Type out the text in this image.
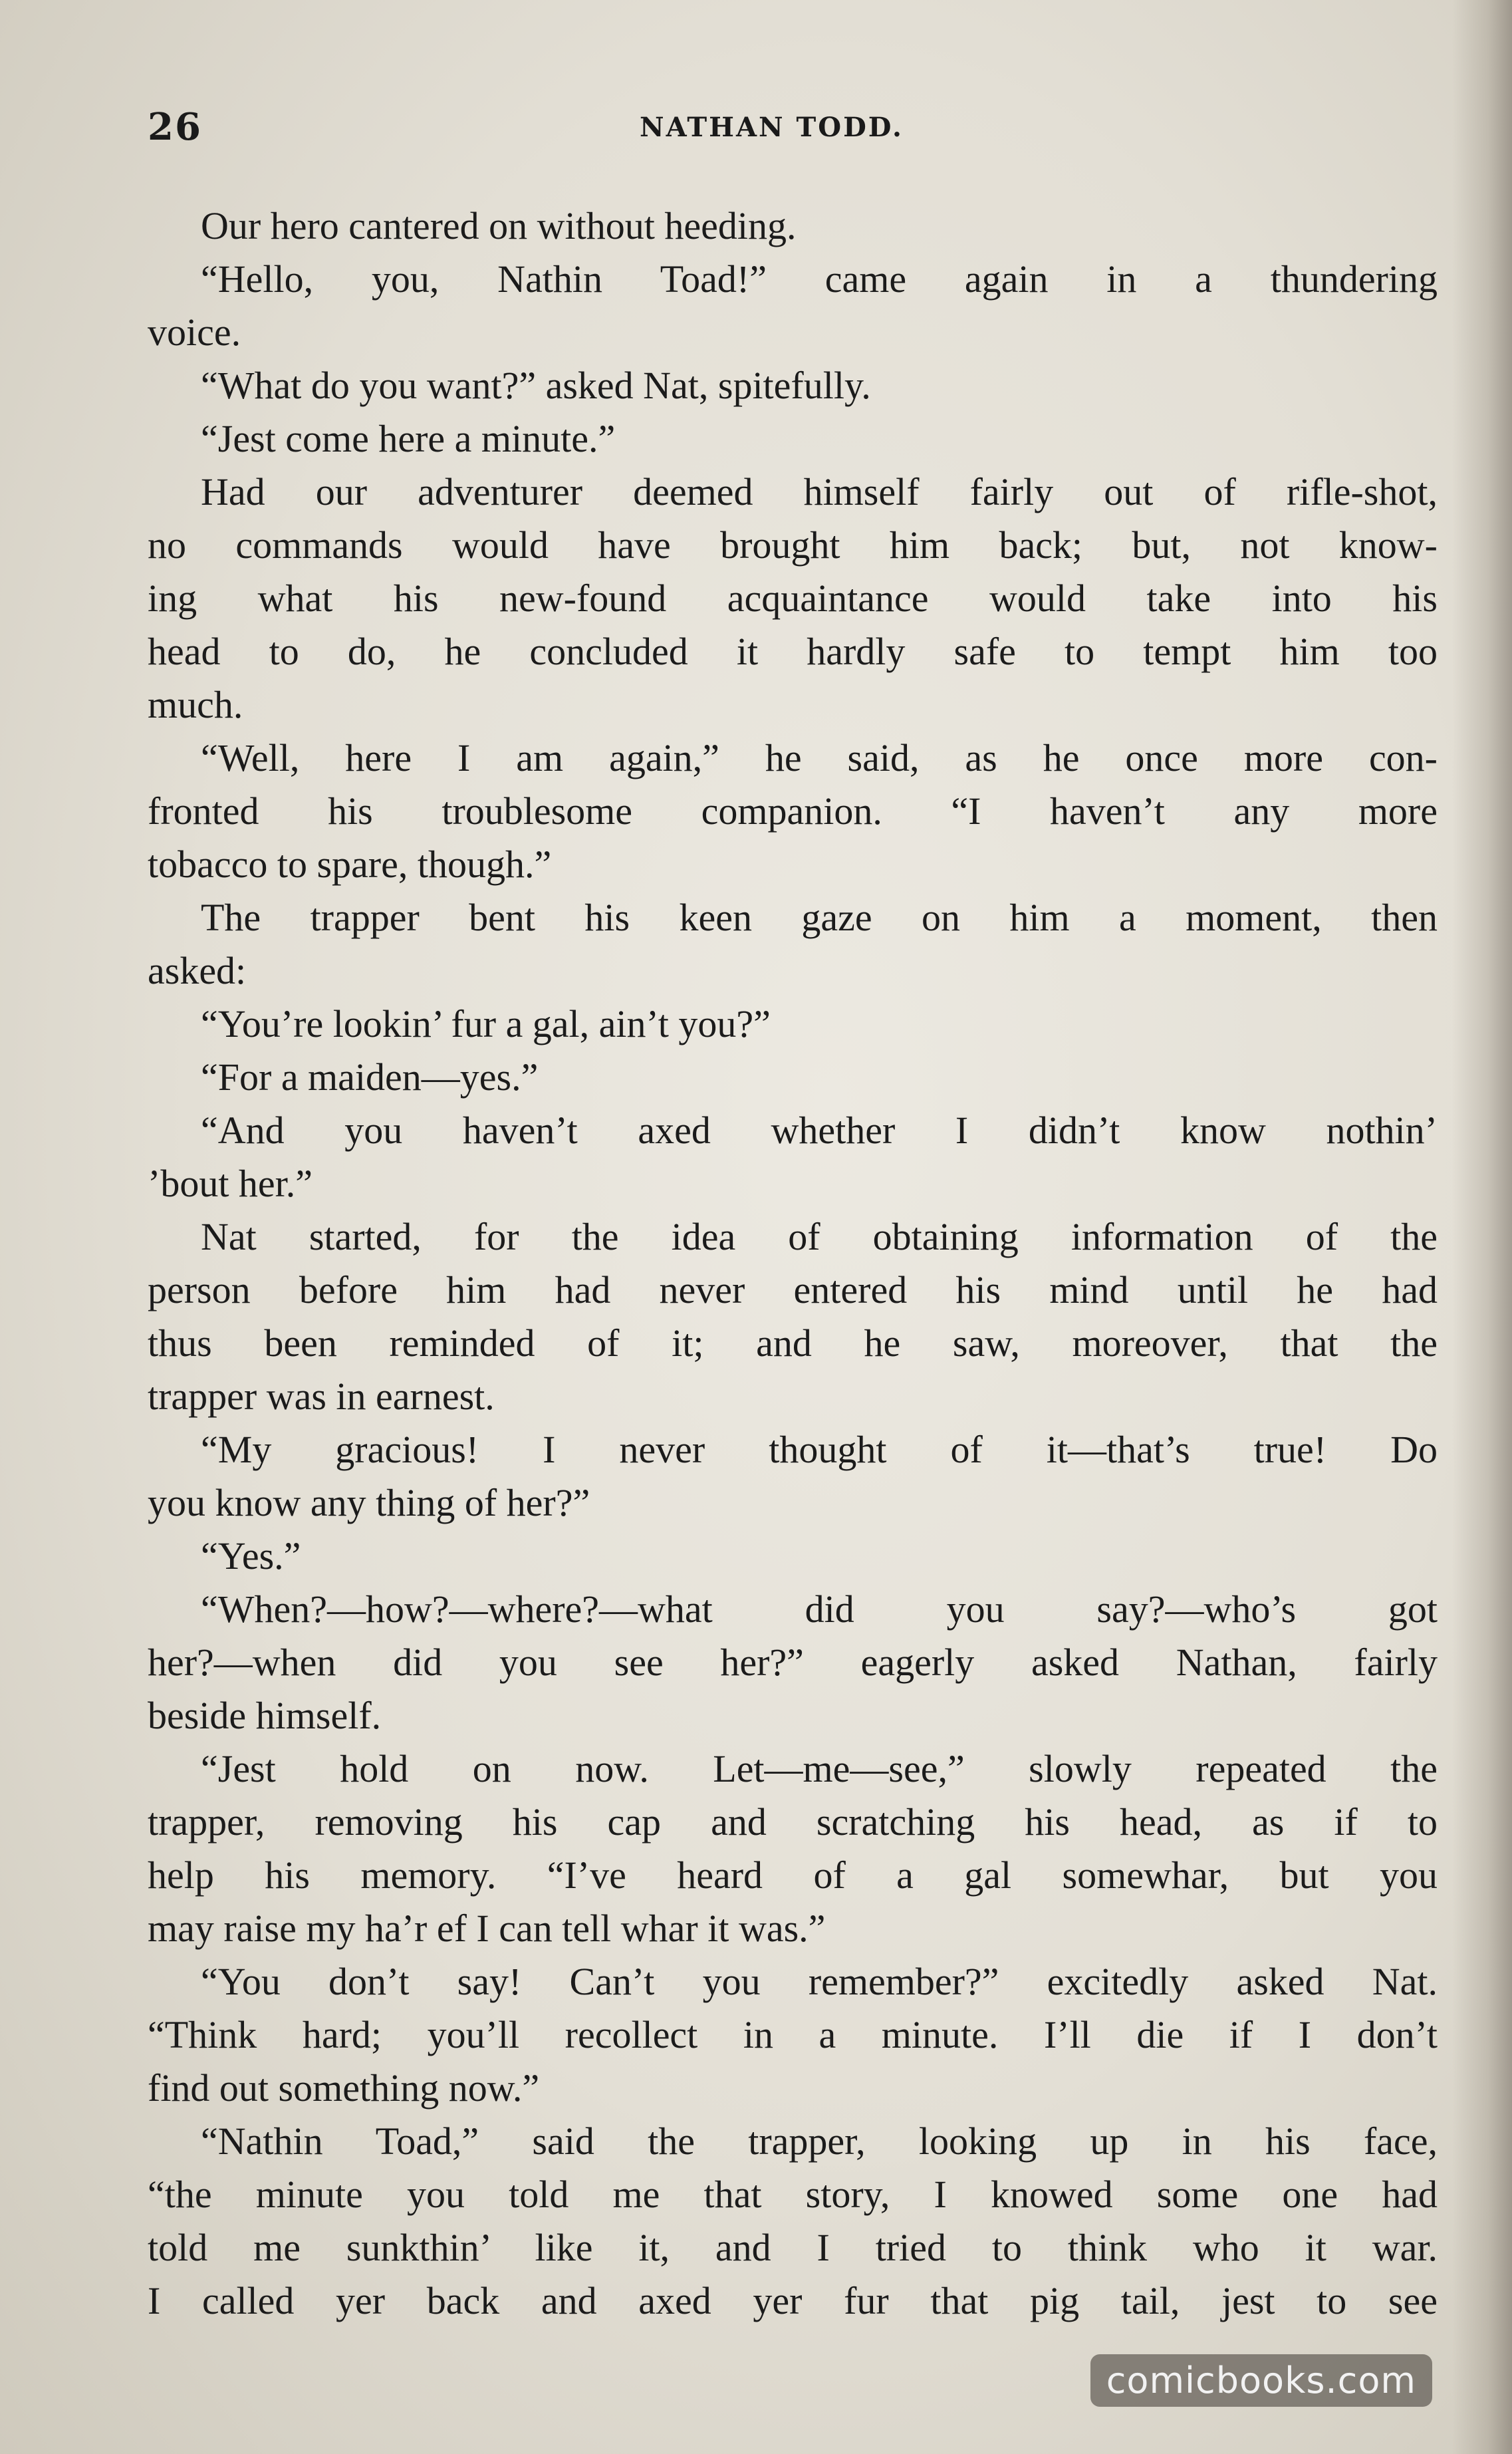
26	NATHAN TODD.
Our hero cantered on without heeding.
“Hello, you, Nathin Toad!” came again in a thundering
voice.
“What do you want?” asked Nat, spitefully.
“Jest come here a minute.”
Had our adventurer deemed himself fairly out of rifle-shot,
no commands would have brought him back; but, not know-
ing what his new-found acquaintance would take into his
head to do, he concluded it hardly safe to tempt him too
much.
“Well, here I am again,” he said, as he once more con-
fronted his troublesome companion. “I haven’t any more
tobacco to spare, though.”
The trapper bent his keen gaze on him a moment, then
asked:
“You’re lookin’ fur a gal, ain’t you?”
“For a maiden—yes.”
“And you haven’t axed whether I didn’t know nothin’
’bout her.”
Nat started, for the idea of obtaining information of the
person before him had never entered his mind until he had
thus been reminded of it; and he saw, moreover, that the
trapper was in earnest.
“My gracious! I never thought of it—that’s true! Do
you know any thing of her?”
“Yes.”
“When?—how?—where?—what did you say?—who’s got
her?—when did you see her?” eagerly asked Nathan, fairly
beside himself.
“Jest hold on now. Let—me—see,” slowly repeated the
trapper, removing his cap and scratching his head, as if to
help his memory. “I’ve heard of a gal somewhar, but you
may raise my ha’r ef I can tell whar it was.”
“You don’t say! Can’t you remember?” excitedly asked Nat.
“Think hard; you’ll recollect in a minute. I’ll die if I don’t
find out something now.”
“Nathin Toad,” said the trapper, looking up in his face,
“the minute you told me that story, I knowed some one had
told me sunkthin’ like it, and I tried to think who it war.
I called yer back and axed yer fur that pig tail, jest to see
comicbooks.com
